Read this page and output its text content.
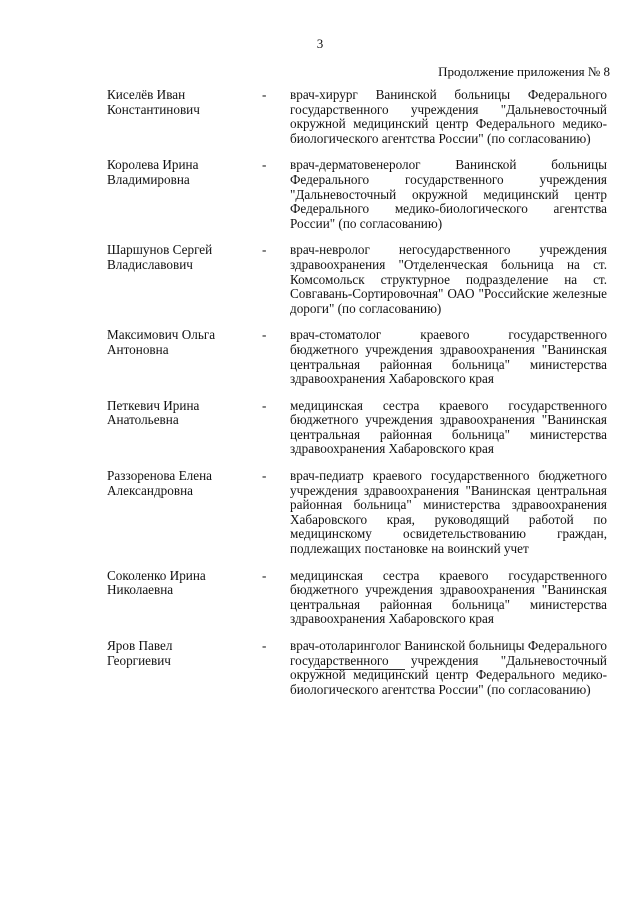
3
Продолжение приложения № 8
Киселёв Иван
Константинович
-	врач-хирург Ванинской больницы Федерального государственного учреждения "Дальневосточный окружной медицинский центр Федерального медико-биологического агентства России" (по согласованию)
Королева Ирина
Владимировна
-	врач-дерматовенеролог Ванинской больницы Федерального государственного учреждения "Дальневосточный окружной медицинский центр Федерального медико-биологического агентства России" (по согласованию)
Шаршунов Сергей
Владиславович
-	врач-невролог негосударственного учреждения здравоохранения "Отделенческая больница на ст. Комсомольск структурное подразделение на ст. Совгавань-Сортировочная" ОАО "Российские железные дороги" (по согласованию)
Максимович Ольга
Антоновна
-	врач-стоматолог краевого государственного бюджетного учреждения здравоохранения "Ванинская центральная районная больница" министерства здравоохранения Хабаровского края
Петкевич Ирина
Анатольевна
-	медицинская сестра краевого государственного бюджетного учреждения здравоохранения "Ванинская центральная районная больница" министерства здравоохранения Хабаровского края
Раззоренова Елена
Александровна
-	врач-педиатр краевого государственного бюджетного учреждения здравоохранения "Ванинская центральная районная больница" министерства здравоохранения Хабаровского края, руководящий работой по медицинскому освидетельствованию граждан, подлежащих постановке на воинский учет
Соколенко Ирина
Николаевна
-	медицинская сестра краевого государственного бюджетного учреждения здравоохранения "Ванинская центральная районная больница" министерства здравоохранения Хабаровского края
Яров Павел
Георгиевич
-	врач-отоларинголог Ванинской больницы Федерального государственного учреждения "Дальневосточный окружной медицинский центр Федерального медико-биологического агентства России" (по согласованию)
